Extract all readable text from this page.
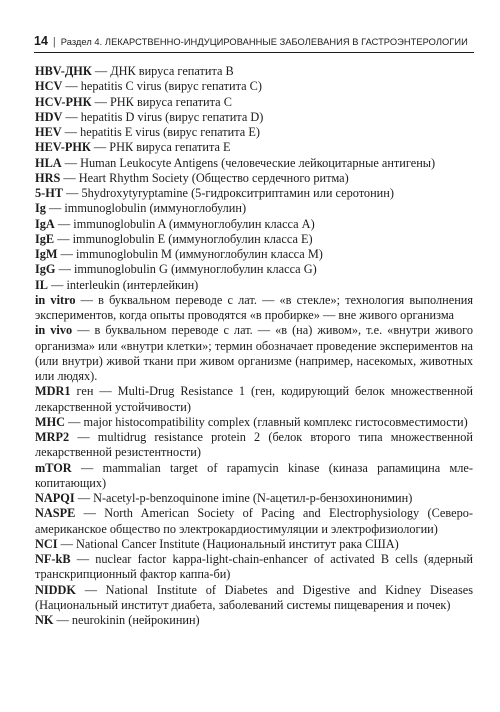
14 | Раздел 4. ЛЕКАРСТВЕННО-ИНДУЦИРОВАННЫЕ ЗАБОЛЕВАНИЯ В ГАСТРОЭНТЕРОЛОГИИ
HBV-ДНК — ДНК вируса гепатита B
HCV — hepatitis C virus (вирус гепатита C)
HCV-РНК — РНК вируса гепатита C
HDV — hepatitis D virus (вирус гепатита D)
HEV — hepatitis E virus (вирус гепатита E)
HEV-РНК — РНК вируса гепатита E
HLA — Human Leukocyte Antigens (человеческие лейкоцитарные антигены)
HRS — Heart Rhythm Society (Общество сердечного ритма)
5-HT — 5hydroxytyryptamine (5-гидрокситриптамин или серотонин)
Ig — immunoglobulin (иммуноглобулин)
IgA — immunoglobulin A (иммуноглобулин класса A)
IgE — immunoglobulin E (иммуноглобулин класса E)
IgM — immunoglobulin M (иммуноглобулин класса M)
IgG — immunoglobulin G (иммуноглобулин класса G)
IL — interleukin (интерлейкин)
in vitro — в буквальном переводе с лат. — «в стекле»; технология выполнения экспериментов, когда опыты проводятся «в пробирке» — вне живого организма
in vivo — в буквальном переводе с лат. — «в (на) живом», т.е. «внутри живого организма» или «внутри клетки»; термин обозначает проведение экспериментов на (или внутри) живой ткани при живом организме (например, насекомых, животных или людях).
MDR1 ген — Multi-Drug Resistance 1 (ген, кодирующий белок множественной лекарственной устойчивости)
MHC — major histocompatibility complex (главный комплекс гистосовместимости)
MRP2 — multidrug resistance protein 2 (белок второго типа множественной лекарственной резистентности)
mTOR — mammalian target of rapamycin kinase (киназа рапамицина млекопитающих)
NAPQI — N-acetyl-p-benzoquinone imine (N-ацетил-p-бензохинонимин)
NASPE — North American Society of Pacing and Electrophysiology (Североамериканское общество по электрокардиостимуляции и электрофизиологии)
NCI — National Cancer Institute (Национальный институт рака США)
NF-kB — nuclear factor kappa-light-chain-enhancer of activated B cells (ядерный транскрипционный фактор каппа-би)
NIDDK — National Institute of Diabetes and Digestive and Kidney Diseases (Национальный институт диабета, заболеваний системы пищеварения и почек)
NK — neurokinin (нейрокинин)
